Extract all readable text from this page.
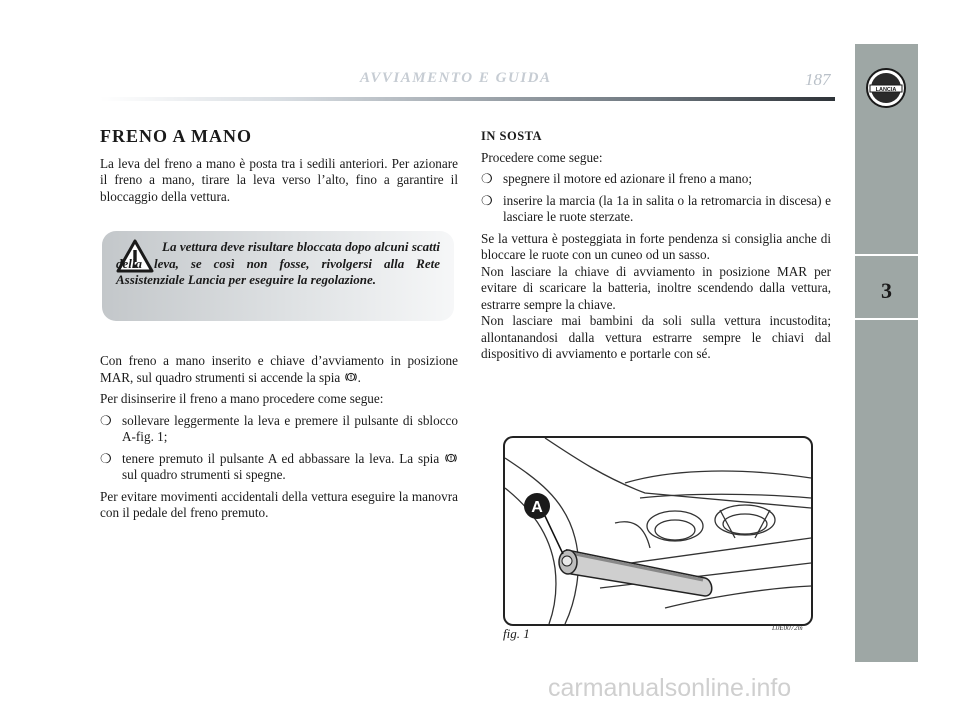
AVVIAMENTO E GUIDA	187
3
LANCIA
FRENO A MANO

La leva del freno a mano è posta tra i sedili anteriori. Per azionare il freno a mano, tirare la leva verso l’alto, fino a garantire il bloccaggio della vettura.

La vettura deve risultare bloccata dopo alcuni scatti della leva, se così non fosse, rivolgersi alla Rete Assistenziale Lancia per eseguire la regolazione.

Con freno a mano inserito e chiave d’avviamento in posizione MAR, sul quadro strumenti si accende la spia .

Per disinserire il freno a mano procedere come segue:

❍ sollevare leggermente la leva e premere il pulsante di sblocco A-fig. 1;
❍ tenere premuto il pulsante A ed abbassare la leva. La spia  sul quadro strumenti si spegne.

Per evitare movimenti accidentali della vettura eseguire la manovra con il pedale del freno premuto.

IN SOSTA

Procedere come segue:

❍ spegnere il motore ed azionare il freno a mano;
❍ inserire la marcia (la 1a in salita o la retromarcia in discesa) e lasciare le ruote sterzate.

Se la vettura è posteggiata in forte pendenza si consiglia anche di bloccare le ruote con un cuneo od un sasso.

Non lasciare la chiave di avviamento in posizione MAR per evitare di scaricare la batteria, inoltre scendendo dalla vettura, estrarre sempre la chiave.

Non lasciare mai bambini da soli sulla vettura incustodita; allontanandosi dalla vettura estrarre sempre le chiavi dal dispositivo di avviamento e portarle con sé.

A
fig. 1	L0E0072m
carmanualsonline.info
